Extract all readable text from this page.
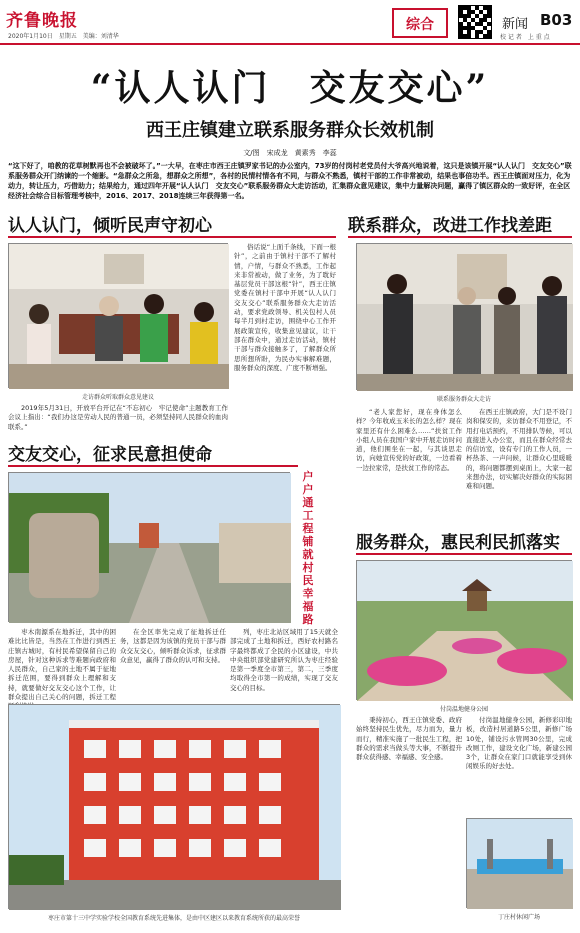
齐鲁晚报
2020年1月10日　星期五　美编：刘清华
综合	新闻 B03
校 记 者　上 重 点
“认人认门　交友交心”
西王庄镇建立联系服务群众长效机制
文/图　宋成龙　黄素秀　李蕊
“这下好了，咱教的花草树默再也不会被破坏了。”一大早，在枣庄市西王庄镇罗家书记的办公室内，73岁的付岗村老党员付大爷高兴地说着，这只是该镇开展“认人认门　交友交心”联系服务群众开门纳谏的一个缩影。“急群众之所急，想群众之所想”，各村的民情村情各有不同，与群众不熟悉，镇村干部的工作非常被动，结果也事倍功半。西王庄镇面对压力，化为动力，转让压力，巧借助力；结果给力，通过四年开展“认人认门　交友交心”联系服务群众大走访活动，汇集群众意见建议，集中力量解决问题，赢得了镇区群众的一致好评，在全区经济社会综合目标管理考核中，2016、2017、2018连续三年获得第一名。
认人认门，倾听民声守初心
走访群众听取群众意见建议
2019年5月31日，开放平台开记在“不忘初心　牢记使命”主题教育工作会议上指出：“我们办这是劳动人民的普通一员，必须坚持同人民群众的血肉联系。”
俗话说“上面千条线，下面一根针”，之前由于镇村干部不了解村情，户情，与群众不熟悉，工作起来非常被动，做了业务，为了耽好基层党员干部这根“针”，西王庄镇党委在镇村干部中开展“认人认门　交友交心”联系服务群众大走访活动，要求党政领导、机关包村人员每半月到村走访，围绕中心工作开展政策宣传，收集意见建议，让干部在群众中，通过走访活动，镇村干部与群众接触多了，了解群众所思所想所盼，为民办实事解难题，服务群众的深度、广度不断增强。
交友交心，征求民意担使命
户户通工程铺就村民幸福路
枣木南源系在地拆迁，其中的困难比比皆是，当然在工作进行到西王庄镇古城时，有村民希望保留自己的房屋，针对这种诉求等难题向政府和人民群众，自己家的土地不属于征地拆迁范围，要得到群众上理解和支持，就要做好交友交心这个工作，让群众提出自己关心的问题，拆迁工程
在全区率先完成了征地拆迁任务，这都是因为该镇的党员干部与群众交友交心，倾听群众诉求，征求群众意见，赢得了群众的认可和支持。
列，枣庄北站区域用了15天就全部完成了土地和拆迁，西好农村路名字最终都成了全民的小区建设，中共中央组织部党建研究所认为枣庄经验是第一季度全市第三，第二，三季度均取得全市第一的成绩，实现了交友交心的目标。
枣庄市第十三中学实验学校全国教育系统先进集体，是由中区建区以来教育系统所获的最高荣誉
联系群众，改进工作找差距
联系服务群众大走访
“老人家您好，现在身体怎么样？今年收成玉米长的怎么样？现在家里还有什么困难么……”扶贫工作小组人员在我国户家中开展走访时问道，他们围坐在一起，与其谈思走访，向她宣传党的好政策，一边看着一边拉家常，是扶贫工作的常态。
在西王庄镇政府，大门是不设门岗和保安的，来访群众不用登记，不用打电话预约，不用排队等候，可以直接进入办公室，而且在群众经常去的信访室，设有专门的工作人员，一杯热茶、一声问候，让群众心里暖暖的，将问题都摆到桌面上，大家一起来想办法，切实解决好群众的实际困难和问题。
服务群众，惠民利民抓落实
付岗温地健身公园
秉持初心，西王庄镇党委、政府始终坚持民生优先，尽力而为，量力而行，精准实施了一批民生工程，把群众的需求当做头等大事，不断提升群众获得感、幸福感、安全感。
付岗温地健身公园，新修彩印地板，改造村居道路5公里，新修广场10处，铺设污水管网30公里，完成改厕工作，建设文化广场，新建公园3个，让群众在家门口就能享受到休闲娱乐的好去处。
丁庄村休闲广场
